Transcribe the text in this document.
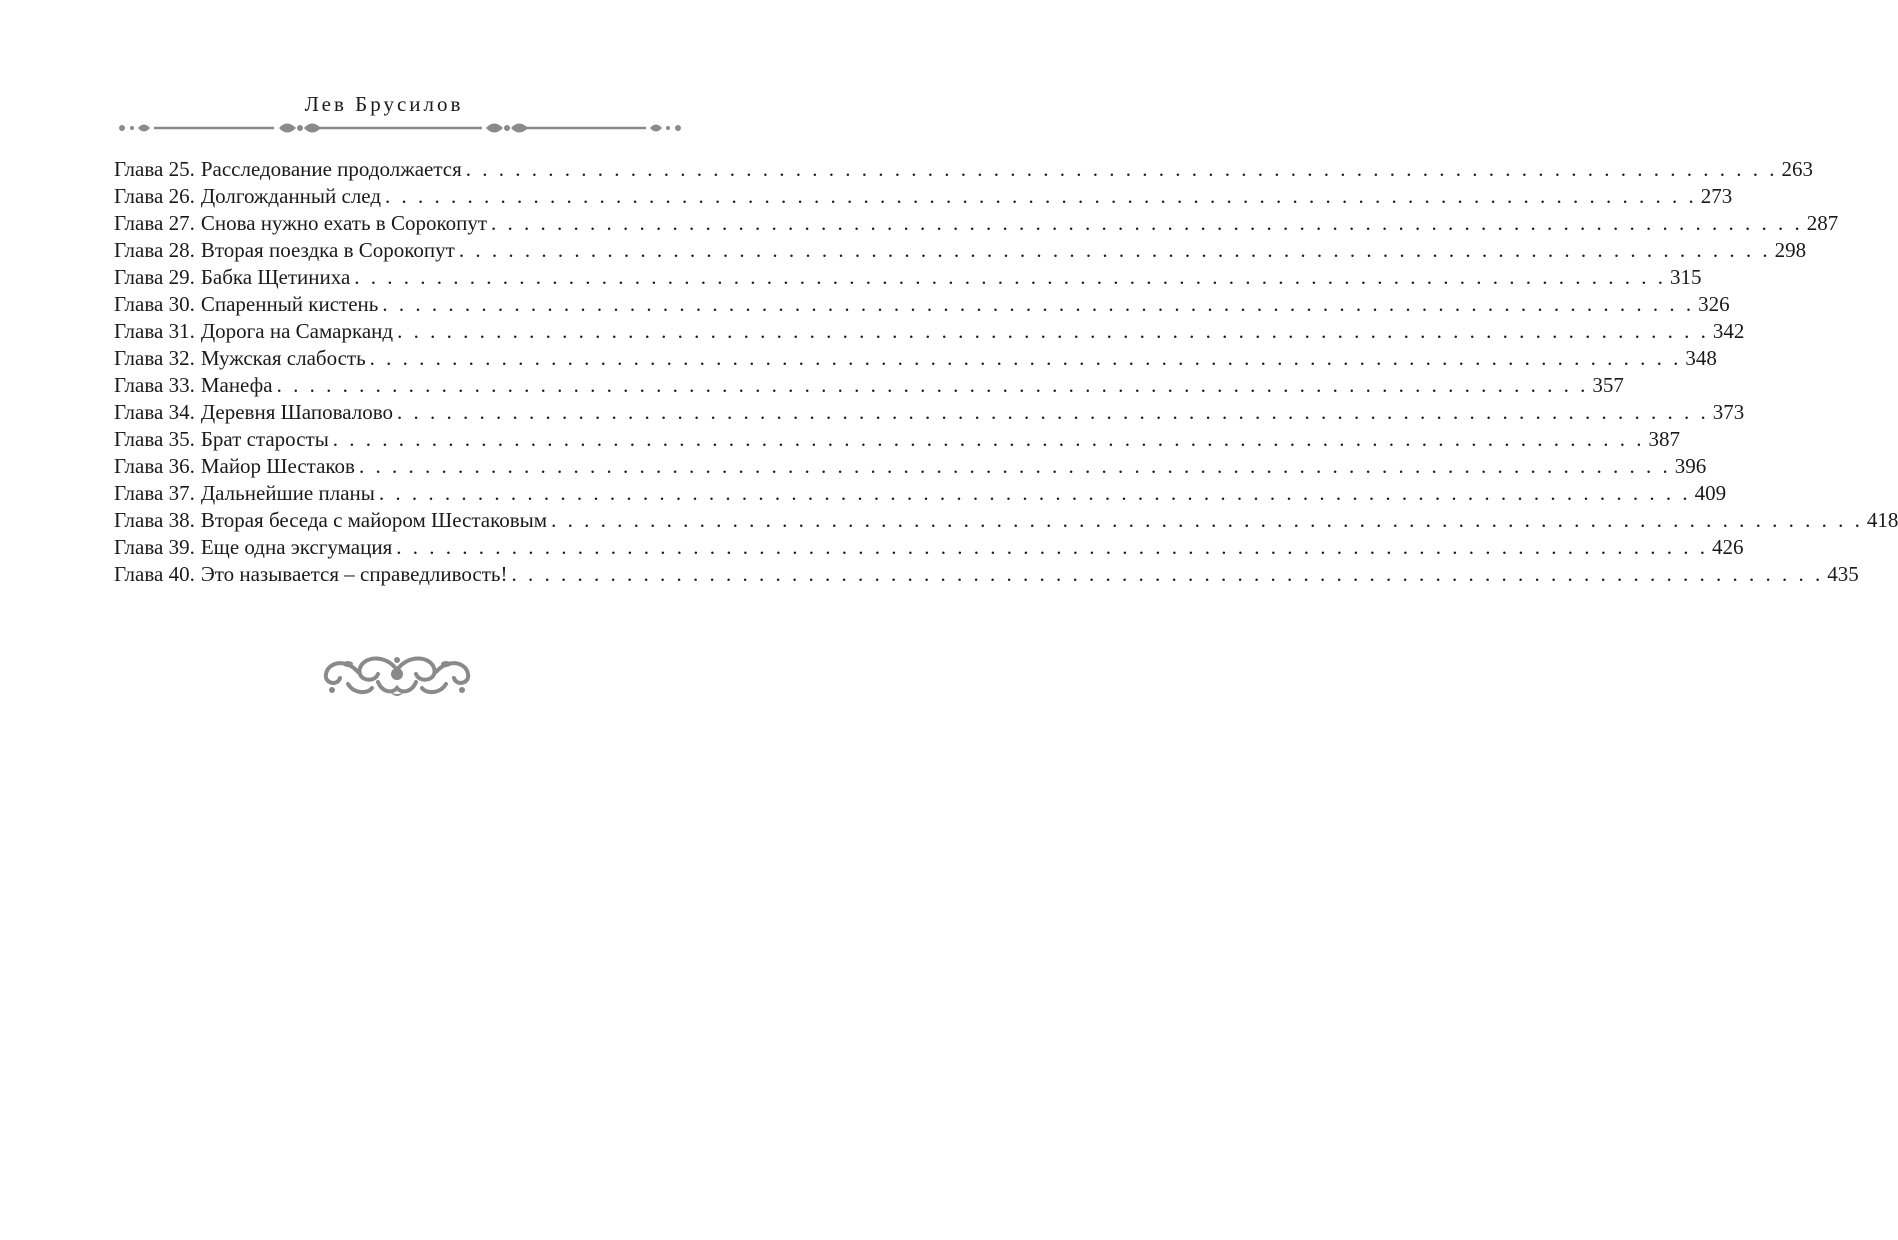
Лев Брусилов
Глава 25. Расследование продолжается . . . . . . . . . . . . . . . . . . . . . . . . . . . . . . . . . . . . . . . . . . . . . . . . . . . . . . . . . . . . . . . . . . . . . . . . . . . . . . . . 263
Глава 26. Долгожданный след . . . . . . . . . . . . . . . . . . . . . . . . . . . . . . . . . . . . . . . . . . . . . . . . . . . . . . . . . . . . . . . . . . . . . . . . . . . . . . . . 273
Глава 27. Снова нужно ехать в Сорокопут . . . . . . . . . . . . . . . . . . . . . . . . . . . . . . . . . . . . . . . . . . . . . . . . . . . . . . . . . . . . . . . . . . . . . . . . . . . . . . . . 287
Глава 28. Вторая поездка в Сорокопут . . . . . . . . . . . . . . . . . . . . . . . . . . . . . . . . . . . . . . . . . . . . . . . . . . . . . . . . . . . . . . . . . . . . . . . . . . . . . . . . 298
Глава 29. Бабка Щетиниха . . . . . . . . . . . . . . . . . . . . . . . . . . . . . . . . . . . . . . . . . . . . . . . . . . . . . . . . . . . . . . . . . . . . . . . . . . . . . . . . 315
Глава 30. Спаренный кистень . . . . . . . . . . . . . . . . . . . . . . . . . . . . . . . . . . . . . . . . . . . . . . . . . . . . . . . . . . . . . . . . . . . . . . . . . . . . . . . . 326
Глава 31. Дорога на Самарканд . . . . . . . . . . . . . . . . . . . . . . . . . . . . . . . . . . . . . . . . . . . . . . . . . . . . . . . . . . . . . . . . . . . . . . . . . . . . . . . . 342
Глава 32. Мужская слабость . . . . . . . . . . . . . . . . . . . . . . . . . . . . . . . . . . . . . . . . . . . . . . . . . . . . . . . . . . . . . . . . . . . . . . . . . . . . . . . . 348
Глава 33. Манефа . . . . . . . . . . . . . . . . . . . . . . . . . . . . . . . . . . . . . . . . . . . . . . . . . . . . . . . . . . . . . . . . . . . . . . . . . . . . . . . . 357
Глава 34. Деревня Шаповалово . . . . . . . . . . . . . . . . . . . . . . . . . . . . . . . . . . . . . . . . . . . . . . . . . . . . . . . . . . . . . . . . . . . . . . . . . . . . . . . . 373
Глава 35. Брат старосты . . . . . . . . . . . . . . . . . . . . . . . . . . . . . . . . . . . . . . . . . . . . . . . . . . . . . . . . . . . . . . . . . . . . . . . . . . . . . . . . 387
Глава 36. Майор Шестаков . . . . . . . . . . . . . . . . . . . . . . . . . . . . . . . . . . . . . . . . . . . . . . . . . . . . . . . . . . . . . . . . . . . . . . . . . . . . . . . . 396
Глава 37. Дальнейшие планы . . . . . . . . . . . . . . . . . . . . . . . . . . . . . . . . . . . . . . . . . . . . . . . . . . . . . . . . . . . . . . . . . . . . . . . . . . . . . . . . 409
Глава 38. Вторая беседа с майором Шестаковым . . . . . . . . . . . . . . . . . . . . . . . . . . . . . . . . . . . . . . . . . . . . . . . . . . . . . . . . . . . . . . . . . . . . . . . . . . . . . . . . 418
Глава 39. Еще одна эксгумация . . . . . . . . . . . . . . . . . . . . . . . . . . . . . . . . . . . . . . . . . . . . . . . . . . . . . . . . . . . . . . . . . . . . . . . . . . . . . . . . 426
Глава 40. Это называется – справедливость! . . . . . . . . . . . . . . . . . . . . . . . . . . . . . . . . . . . . . . . . . . . . . . . . . . . . . . . . . . . . . . . . . . . . . . . . . . . . . . . . 435
